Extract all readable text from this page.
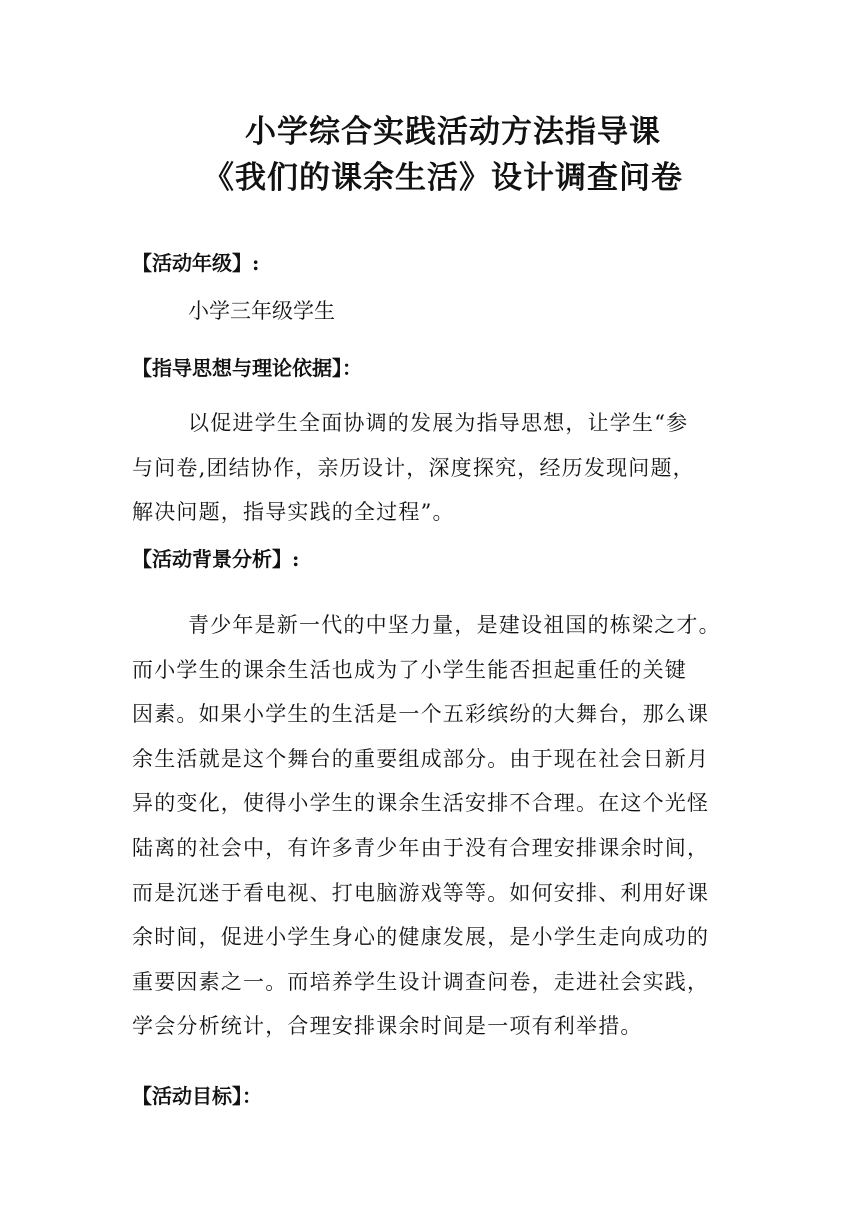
小学综合实践活动方法指导课
《我们的课余生活》设计调查问卷
【活动年级】:
小学三年级学生
【指导思想与理论依据】：
以促进学生全面协调的发展为指导思想，让学生“参
与问卷,团结协作，亲历设计，深度探究，经历发现问题，
解决问题，指导实践的全过程”。
【活动背景分析】:
青少年是新一代的中坚力量，是建设祖国的栋梁之才。
而小学生的课余生活也成为了小学生能否担起重任的关键
因素。如果小学生的生活是一个五彩缤纷的大舞台，那么课
余生活就是这个舞台的重要组成部分。由于现在社会日新月
异的变化，使得小学生的课余生活安排不合理。在这个光怪
陆离的社会中，有许多青少年由于没有合理安排课余时间，
而是沉迷于看电视、打电脑游戏等等。如何安排、利用好课
余时间，促进小学生身心的健康发展，是小学生走向成功的
重要因素之一。而培养学生设计调查问卷，走进社会实践，
学会分析统计，合理安排课余时间是一项有利举措。
【活动目标】：
